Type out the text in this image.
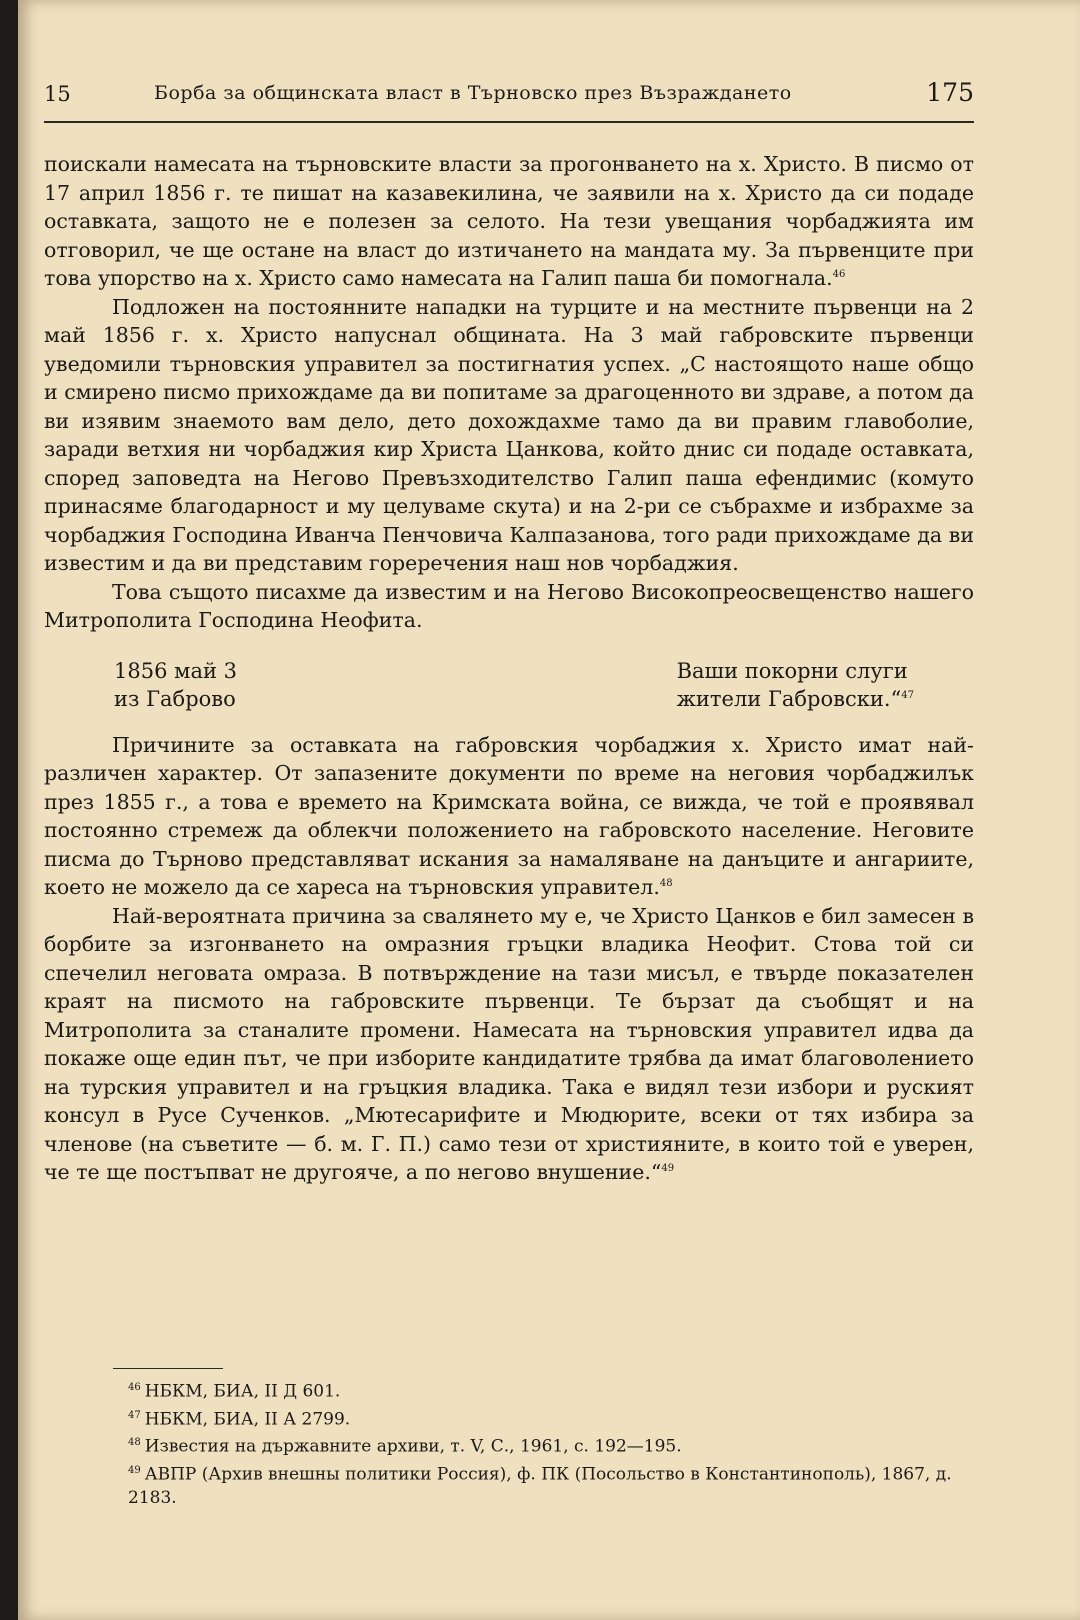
15	Борба за общинската власт в Търновско през Възраждането	175

поискали намесата на търновските власти за прогонването на х. Христо. В писмо от 17 април 1856 г. те пишат на казавекилина, че заявили на х. Христо да си подаде оставката, защото не е полезен за селото. На тези увещания чорбаджията им отговорил, че ще остане на власт до изтичането на мандата му. За първенците при това упорство на х. Христо само намесата на Галип паша би помогнала.$^{46}$

Подложен на постоянните нападки на турците и на местните първенци на 2 май 1856 г. х. Христо напуснал общината. На 3 май габровските първенци уведомили търновския управител за постигнатия успех. „С настоящото наше общо и смирено писмо прихождаме да ви попитаме за драгоценното ви здраве, а потом да ви изявим знаемото вам дело, дето дохождахме тамо да ви правим главоболие, заради ветхия ни чорбаджия кир Христа Цанкова, който днис си подаде оставката, според заповедта на Негово Превъзходителство Галип паша ефендимис (комуто принасяме благодарност и му целуваме скута) и на 2-ри се събрахме и избрахме за чорбаджия Господина Иванча Пенчовича Калпазанова, того ради прихождаме да ви известим и да ви представим гореречения наш нов чорбаджия.

Това същото писахме да известим и на Негово Високопреосвещенство нашего Митрополита Господина Неофита.

1856 май 3
из Габрово
Ваши покорни слуги
жители Габровски.“$^{47}$

Причините за оставката на габровския чорбаджия х. Христо имат най-различен характер. От запазените документи по време на неговия чорбаджилък през 1855 г., а това е времето на Кримската война, се вижда, че той е проявявал постоянно стремеж да облекчи положението на габровското население. Неговите писма до Търново представляват искания за намаляване на данъците и ангариите, което не можело да се хареса на търновския управител.$^{48}$

Най-вероятната причина за свалянето му е, че Христо Цанков е бил замесен в борбите за изгонването на омразния гръцки владика Неофит. Стова той си спечелил неговата омраза. В потвърждение на тази мисъл, е твърде показателен краят на писмото на габровските първенци. Те бързат да съобщят и на Митрополита за станалите промени. Намесата на търновския управител идва да покаже още един път, че при изборите кандидатите трябва да имат благоволението на турския управител и на гръцкия владика. Така е видял тези избори и руският консул в Русе Сученков. „Мютесарифите и Мюдюрите, всеки от тях избира за членове (на съветите — б. м. Г. П.) само тези от християните, в които той е уверен, че те ще постъпват не другояче, а по негово внушение.“$^{49}$

$^{46}$ НБКМ, БИА, II Д 601.

$^{47}$ НБКМ, БИА, II А 2799.

$^{48}$ Известия на държавните архиви, т. V, С., 1961, с. 192—195.

$^{49}$ АВПР (Архив внешны политики Россия), ф. ПК (Посольство в Константинополь), 1867, д. 2183.
